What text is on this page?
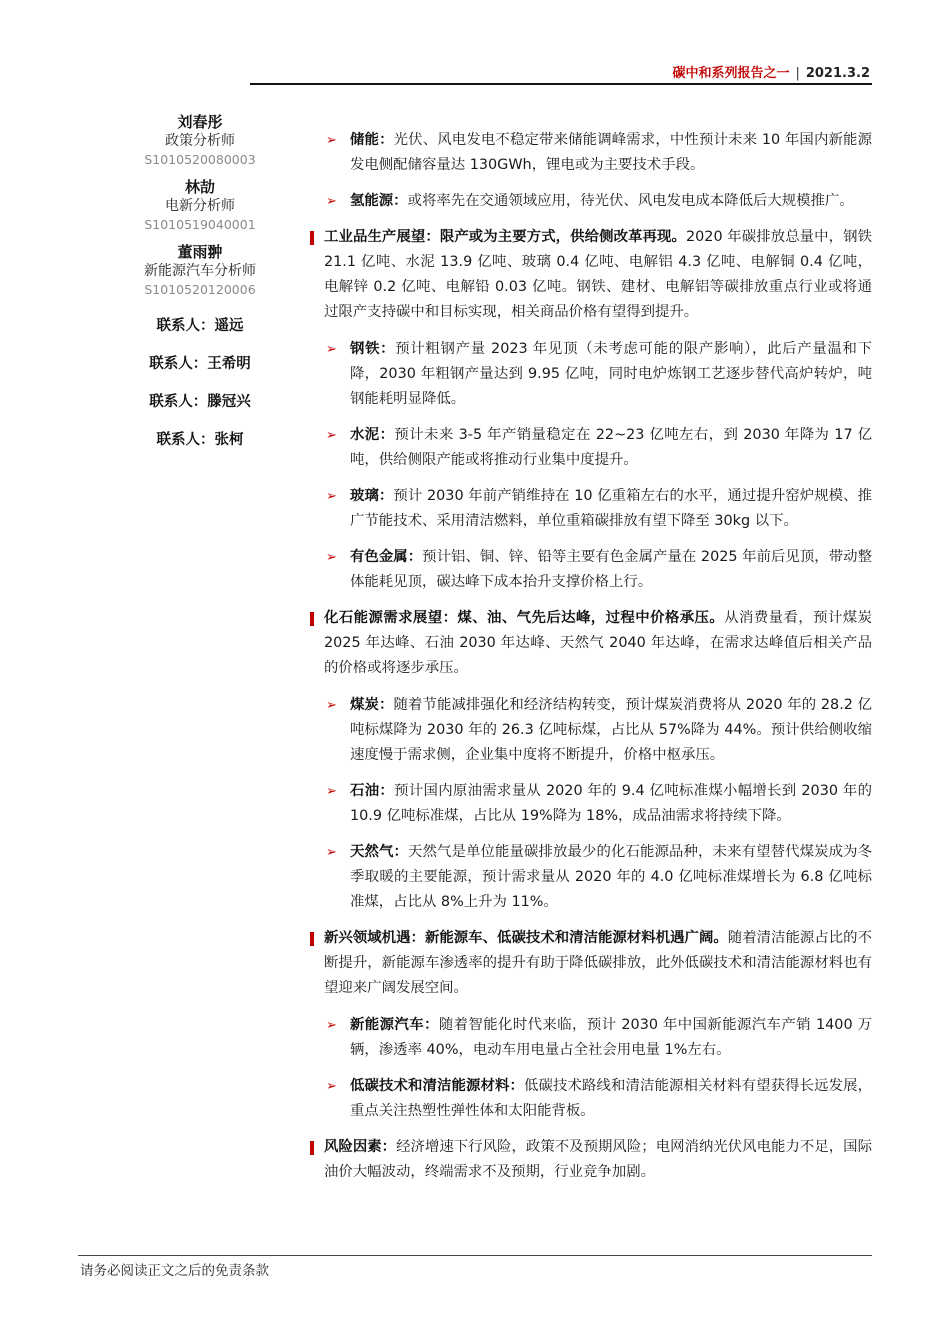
碳中和系列报告之一 | 2021.3.2
刘春彤
政策分析师
S1010520080003
林劼
电新分析师
S1010519040001
董雨翀
新能源汽车分析师
S1010520120006
联系人：遥远
联系人：王希明
联系人：滕冠兴
联系人：张柯
➢ 储能：光伏、风电发电不稳定带来储能调峰需求，中性预计未来 10 年国内新能源发电侧配储容量达 130GWh，锂电或为主要技术手段。
➢ 氢能源：或将率先在交通领域应用，待光伏、风电发电成本降低后大规模推广。
工业品生产展望：限产或为主要方式，供给侧改革再现。2020 年碳排放总量中，钢铁 21.1 亿吨、水泥 13.9 亿吨、玻璃 0.4 亿吨、电解铝 4.3 亿吨、电解铜 0.4 亿吨，电解锌 0.2 亿吨、电解铅 0.03 亿吨。钢铁、建材、电解铝等碳排放重点行业或将通过限产支持碳中和目标实现，相关商品价格有望得到提升。
➢ 钢铁：预计粗钢产量 2023 年见顶（未考虑可能的限产影响），此后产量温和下降，2030 年粗钢产量达到 9.95 亿吨，同时电炉炼钢工艺逐步替代高炉转炉，吨钢能耗明显降低。
➢ 水泥：预计未来 3-5 年产销量稳定在 22~23 亿吨左右，到 2030 年降为 17 亿吨，供给侧限产能或将推动行业集中度提升。
➢ 玻璃：预计 2030 年前产销维持在 10 亿重箱左右的水平，通过提升窑炉规模、推广节能技术、采用清洁燃料，单位重箱碳排放有望下降至 30kg 以下。
➢ 有色金属：预计铝、铜、锌、铅等主要有色金属产量在 2025 年前后见顶，带动整体能耗见顶，碳达峰下成本抬升支撑价格上行。
化石能源需求展望：煤、油、气先后达峰，过程中价格承压。从消费量看，预计煤炭 2025 年达峰、石油 2030 年达峰、天然气 2040 年达峰，在需求达峰值后相关产品的价格或将逐步承压。
➢ 煤炭：随着节能减排强化和经济结构转变，预计煤炭消费将从 2020 年的 28.2 亿吨标煤降为 2030 年的 26.3 亿吨标煤，占比从 57%降为 44%。预计供给侧收缩速度慢于需求侧，企业集中度将不断提升，价格中枢承压。
➢ 石油：预计国内原油需求量从 2020 年的 9.4 亿吨标准煤小幅增长到 2030 年的 10.9 亿吨标准煤，占比从 19%降为 18%，成品油需求将持续下降。
➢ 天然气：天然气是单位能量碳排放最少的化石能源品种，未来有望替代煤炭成为冬季取暖的主要能源，预计需求量从 2020 年的 4.0 亿吨标准煤增长为 6.8 亿吨标准煤，占比从 8%上升为 11%。
新兴领域机遇：新能源车、低碳技术和清洁能源材料机遇广阔。随着清洁能源占比的不断提升，新能源车渗透率的提升有助于降低碳排放，此外低碳技术和清洁能源材料也有望迎来广阔发展空间。
➢ 新能源汽车：随着智能化时代来临，预计 2030 年中国新能源汽车产销 1400 万辆，渗透率 40%，电动车用电量占全社会用电量 1%左右。
➢ 低碳技术和清洁能源材料：低碳技术路线和清洁能源相关材料有望获得长远发展，重点关注热塑性弹性体和太阳能背板。
风险因素：经济增速下行风险，政策不及预期风险；电网消纳光伏风电能力不足，国际油价大幅波动，终端需求不及预期，行业竞争加剧。
请务必阅读正文之后的免责条款
